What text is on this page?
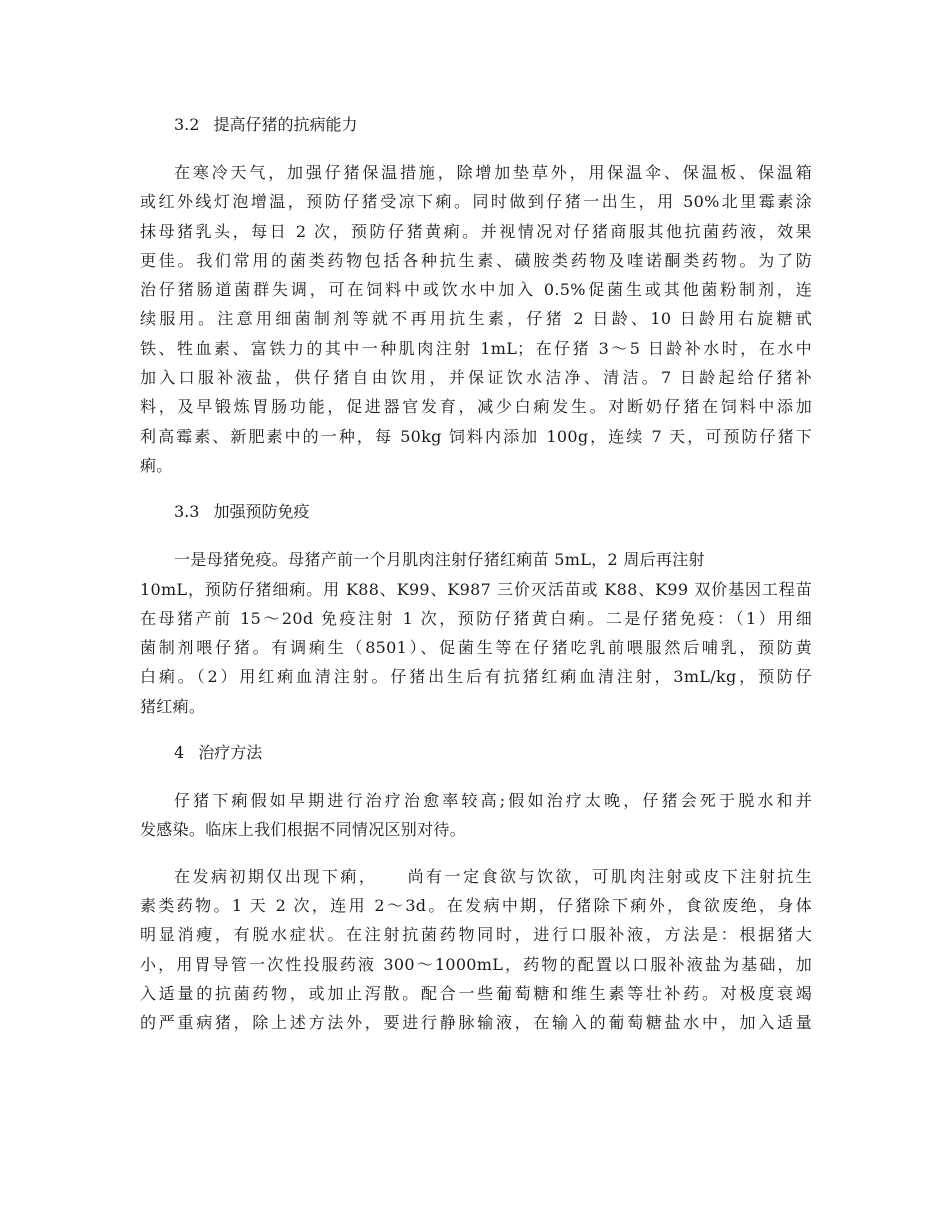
3.2 提高仔猪的抗病能力
在寒冷天气，加强仔猪保温措施，除增加垫草外，用保温伞、保温板、保温箱
或红外线灯泡增温，预防仔猪受凉下痢。同时做到仔猪一出生，用 50%北里霉素涂
抹母猪乳头，每日 2 次，预防仔猪黄痢。并视情况对仔猪商服其他抗菌药液，效果
更佳。我们常用的菌类药物包括各种抗生素、磺胺类药物及喹诺酮类药物。为了防
治仔猪肠道菌群失调，可在饲料中或饮水中加入 0.5%促菌生或其他菌粉制剂，连
续服用。注意用细菌制剂等就不再用抗生素，仔猪 2 日龄、10 日龄用右旋糖甙
铁、牲血素、富铁力的其中一种肌肉注射 1mL；在仔猪 3～5 日龄补水时，在水中
加入口服补液盐，供仔猪自由饮用，并保证饮水洁净、清洁。7 日龄起给仔猪补
料，及早锻炼胃肠功能，促进器官发育，减少白痢发生。对断奶仔猪在饲料中添加
利高霉素、新肥素中的一种，每 50kg 饲料内添加 100g，连续 7 天，可预防仔猪下
痢。
3.3 加强预防免疫
一是母猪免疫。母猪产前一个月肌肉注射仔猪红痢苗 5mL，2 周后再注射
10mL，预防仔猪细痢。用 K88、K99、K987 三价灭活苗或 K88、K99 双价基因工程苗
在母猪产前 15～20d 免疫注射 1 次，预防仔猪黄白痢。二是仔猪免疫：（1）用细
菌制剂喂仔猪。有调痢生（8501）、促菌生等在仔猪吃乳前喂服然后哺乳，预防黄
白痢。（2）用红痢血清注射。仔猪出生后有抗猪红痢血清注射，3mL/kg，预防仔
猪红痢。
4 治疗方法
仔猪下痢假如早期进行治疗治愈率较高;假如治疗太晚，仔猪会死于脱水和并
发感染。临床上我们根据不同情况区别对待。
在发病初期仅出现下痢，    尚有一定食欲与饮欲，可肌肉注射或皮下注射抗生
素类药物。1 天 2 次，连用 2～3d。在发病中期，仔猪除下痢外，食欲废绝，身体
明显消瘦，有脱水症状。在注射抗菌药物同时，进行口服补液，方法是：根据猪大
小，用胃导管一次性投服药液 300～1000mL，药物的配置以口服补液盐为基础，加
入适量的抗菌药物，或加止泻散。配合一些葡萄糖和维生素等壮补药。对极度衰竭
的严重病猪，除上述方法外，要进行静脉输液，在输入的葡萄糖盐水中，加入适量
